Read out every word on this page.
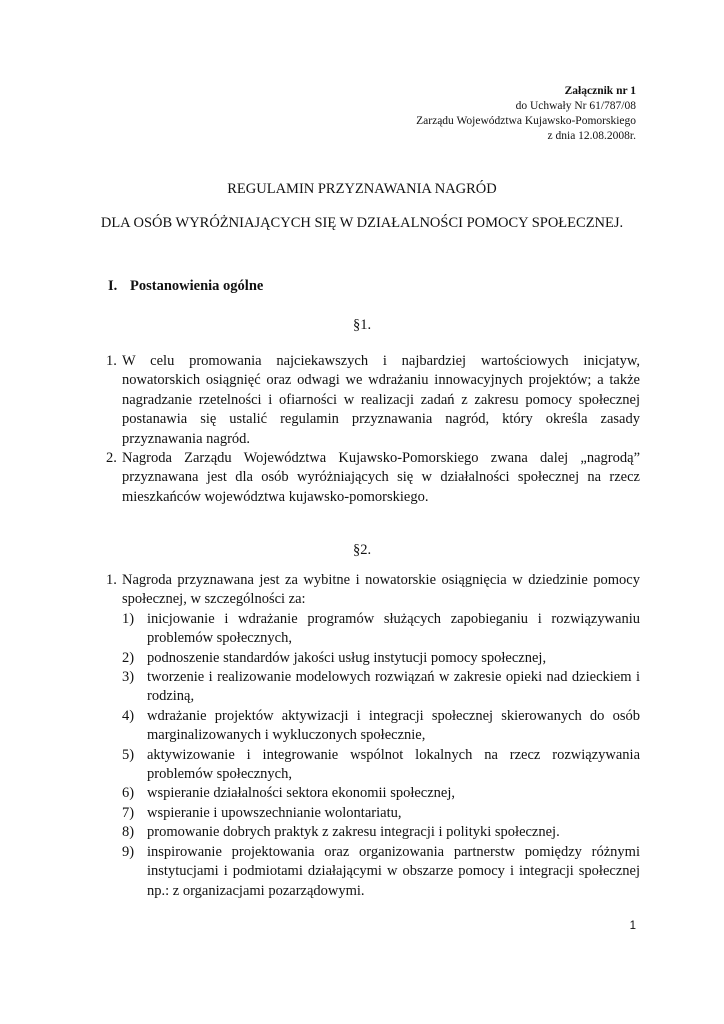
Załącznik nr 1
do Uchwały Nr 61/787/08
Zarządu Województwa Kujawsko-Pomorskiego
z dnia 12.08.2008r.
REGULAMIN PRZYZNAWANIA NAGRÓD
DLA OSÓB WYRÓŻNIAJĄCYCH SIĘ W DZIAŁALNOŚCI POMOCY SPOŁECZNEJ.
I. Postanowienia ogólne
§1.
1. W celu promowania najciekawszych i najbardziej wartościowych inicjatyw, nowatorskich osiągnięć oraz odwagi we wdrażaniu innowacyjnych projektów; a także nagradzanie rzetelności i ofiarności w realizacji zadań z zakresu pomocy społecznej postanawia się ustalić regulamin przyznawania nagród, który określa zasady przyznawania nagród.
2. Nagroda Zarządu Województwa Kujawsko-Pomorskiego zwana dalej „nagrodą” przyznawana jest dla osób wyróżniających się w działalności społecznej na rzecz mieszkańców województwa kujawsko-pomorskiego.
§2.
1. Nagroda przyznawana jest za wybitne i nowatorskie osiągnięcia w dziedzinie pomocy społecznej, w szczególności za:
1) inicjowanie i wdrażanie programów służących zapobieganiu i rozwiązywaniu problemów społecznych,
2) podnoszenie standardów jakości usług instytucji pomocy społecznej,
3) tworzenie i realizowanie modelowych rozwiązań w zakresie opieki nad dzieckiem i rodziną,
4) wdrażanie projektów aktywizacji i integracji społecznej skierowanych do osób marginalizowanych i wykluczonych społecznie,
5) aktywizowanie i integrowanie wspólnot lokalnych na rzecz rozwiązywania problemów społecznych,
6) wspieranie działalności sektora ekonomii społecznej,
7) wspieranie i upowszechnianie wolontariatu,
8) promowanie dobrych praktyk z zakresu integracji i polityki społecznej.
9) inspirowanie projektowania oraz organizowania partnerstw pomiędzy różnymi instytucjami i podmiotami działającymi w obszarze pomocy i integracji społecznej np.: z organizacjami pozarządowymi.
1
